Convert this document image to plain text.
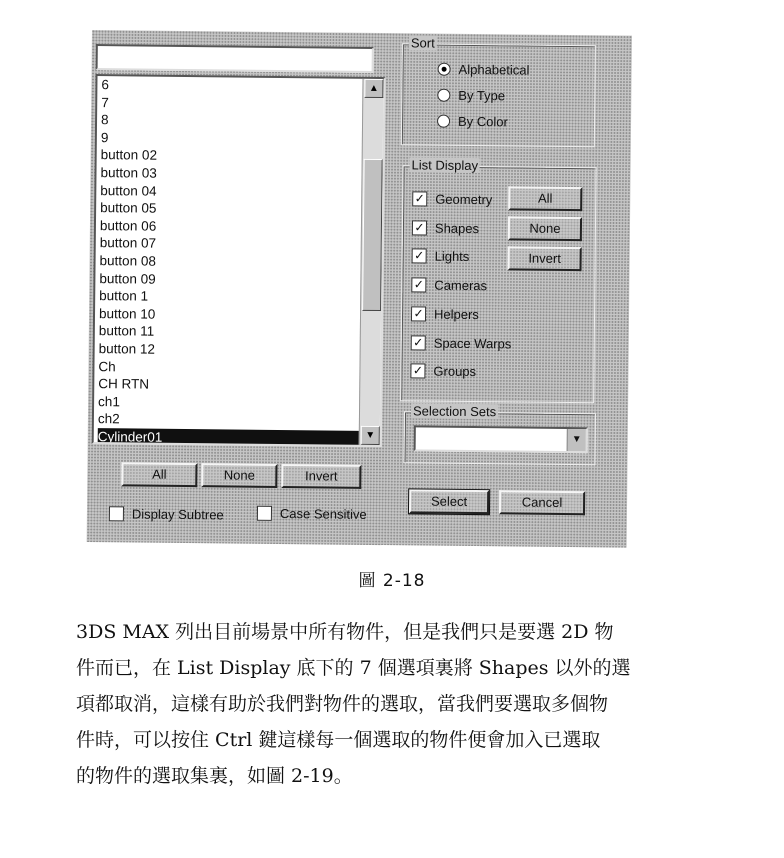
6
7
8
9
button 02
button 03
button 04
button 05
button 06
button 07
button 08
button 09
button 1
button 10
button 11
button 12
Ch
CH RTN
ch1
ch2
Cylinder01
▲
▼
All	None	Invert
Display Subtree	Case Sensitive
Sort
List Display
All
None
Invert
Selection Sets
▼
Select	Cancel
Alphabetical
By Type
By Color
✓ Geometry
✓ Shapes
✓ Lights
✓ Cameras
✓ Helpers
✓ Space Warps
✓ Groups
圖 2-18

3DS MAX 列出目前場景中所有物件，但是我們只是要選 2D 物

件而已，在 List Display 底下的 7 個選項裏將 Shapes 以外的選

項都取消，這樣有助於我們對物件的選取，當我們要選取多個物

件時，可以按住 Ctrl 鍵這樣每一個選取的物件便會加入已選取

的物件的選取集裏，如圖 2-19。
